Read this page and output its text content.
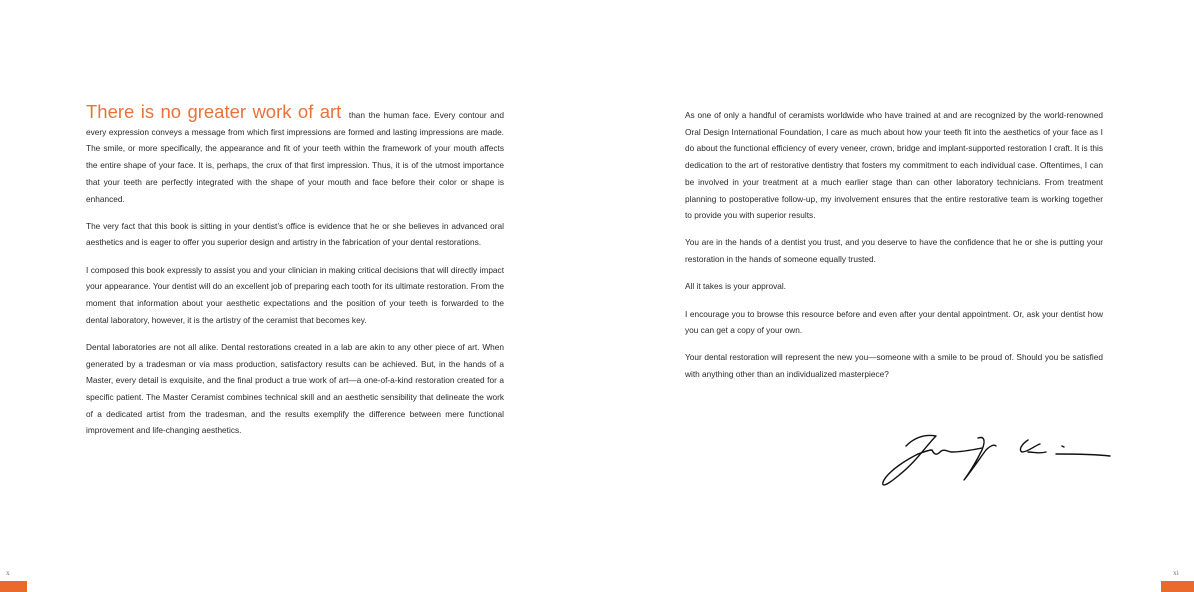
There is no greater work of art than the human face. Every contour and every expression conveys a message from which first impressions are formed and lasting impressions are made. The smile, or more specifically, the appearance and fit of your teeth within the framework of your mouth affects the entire shape of your face. It is, perhaps, the crux of that first impression. Thus, it is of the utmost importance that your teeth are perfectly integrated with the shape of your mouth and face before their color or shape is enhanced.

The very fact that this book is sitting in your dentist’s office is evidence that he or she believes in advanced oral aesthetics and is eager to offer you superior design and artistry in the fabrication of your dental restorations.

I composed this book expressly to assist you and your clinician in making critical decisions that will directly impact your appearance. Your dentist will do an excellent job of preparing each tooth for its ultimate restoration. From the moment that information about your aesthetic expectations and the position of your teeth is forwarded to the dental laboratory, however, it is the artistry of the ceramist that becomes key.

Dental laboratories are not all alike. Dental restorations created in a lab are akin to any other piece of art. When generated by a tradesman or via mass production, satisfactory results can be achieved. But, in the hands of a Master, every detail is exquisite, and the final product a true work of art—a one-of-a-kind restoration created for a specific patient. The Master Ceramist combines technical skill and an aesthetic sensibility that delineate the work of a dedicated artist from the tradesman, and the results exemplify the difference between mere functional improvement and life-changing aesthetics.

x

As one of only a handful of ceramists worldwide who have trained at and are recognized by the world-renowned Oral Design International Foundation, I care as much about how your teeth fit into the aesthetics of your face as I do about the functional efficiency of every veneer, crown, bridge and implant-supported restoration I craft. It is this dedication to the art of restorative dentistry that fosters my commitment to each individual case. Oftentimes, I can be involved in your treatment at a much earlier stage than can other laboratory technicians. From treatment planning to postoperative follow-up, my involvement ensures that the entire restorative team is working together to provide you with superior results.

You are in the hands of a dentist you trust, and you deserve to have the confidence that he or she is putting your restoration in the hands of someone equally trusted.

All it takes is your approval.

I encourage you to browse this resource before and even after your dental appointment. Or, ask your dentist how you can get a copy of your own.

Your dental restoration will represent the new you—someone with a smile to be proud of. Should you be satisfied with anything other than an individualized masterpiece?

xi
